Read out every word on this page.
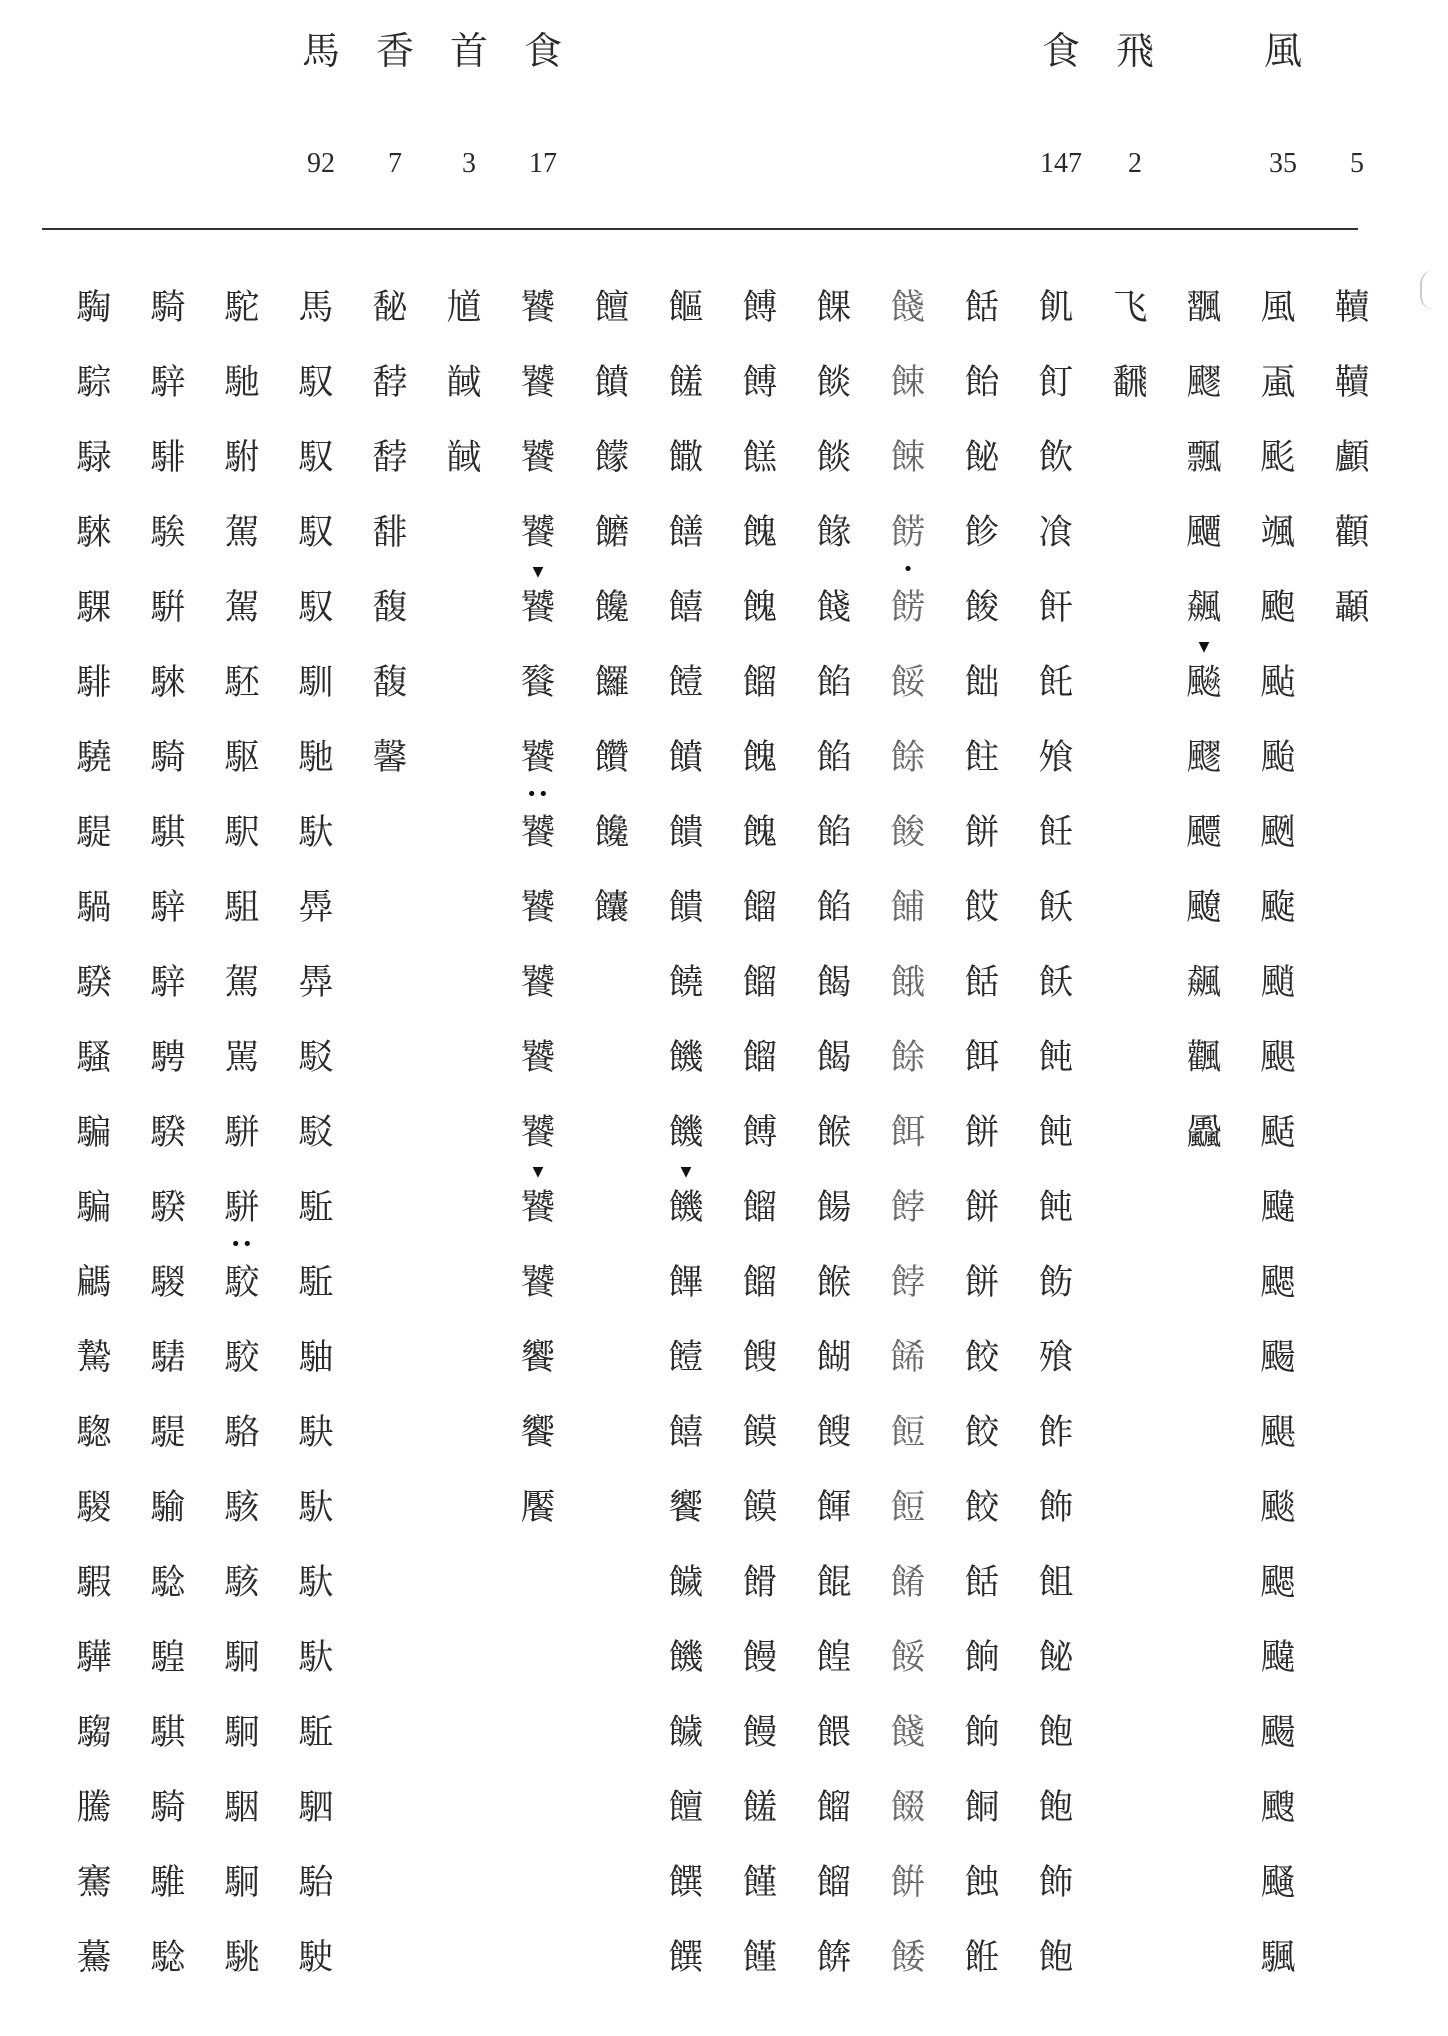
馬
92
香
7
首
3
食
17
食
147
飛
2
風
35	5
騊
騌
騄
騋
騍
騑
驍
騠
騧
騤
騷
騙
騙
騗
騺
騘
騣
騢
驊
騶
騰
騫
驀
騎
騂
騑
騃
騈
騋
騎
騏
騂
騂
騁
騤
騤
騣
騞
騠
騟
騐
騜
騏
騎
騅
騐
駝
馳
駙
駕
駕
駓
駆
駅
駔
駕
駡
駢
駢
•• 駮
駮
駱
駭
駭
駉
駉
駰
駉
駣
馬
馭
馭
馭
馭
馴
馳
馱
馵
馵
駁
駁
駈
駈
駎
駃
馱
馱
馱
駈
駟
駘
駛
馝
馞
馞
馡
馥
馥
馨
馗
馘
馘
饕
饕
饕
饕
▼ 饕
餮
饕
•• 饕
饕
饕
饕
饕
▼ 饕
饕
饗
饗
饜
饘
饙
饛
饝
饞
饠
饡
饞
饢
饇
饈
饊
饍
饎
饐
饙
饋
饋
饒
饑
饑
▼ 饑
饆
饐
饎
饗
饖
饑
饖
饘
饌
饌
餺
餺
餻
餽
餽
餾
餽
餽
餾
餾
餾
餺
餾
餾
餿
饃
饃
餶
饅
饅
饈
饉
饉
餜
餤
餤
餯
餞
餡
餡
餡
餡
餲
餲
餱
餳
餱
餬
餿
餫
餛
餭
餵
餾
餾
餴
餞
餗
餗
餝
• 餝
餒
餘
餕
餔
餓
餘
餌
餑
餑
餙
餖
餖
餚
餒
餞
餟
餠
餧
餂
飴
飶
飻
餕
飿
飳
餅
餀
餂
餌
餅
餅
餅
餃
餃
餃
餂
餉
餉
餇
蝕
餁
飢
飣
飲
飡
飦
飥
飧
飪
飫
飫
飩
飩
飩
飭
飱
飵
飾
飷
飶
飽
飽
飾
飽
飞
飜
飁
飂
飄
飅
飆
▼ 飈
飂
飃
飉
飆
飌
飍
風
颪
颩
颯
颮
颭
颱
颲
颴
颵
颶
颳
颹
颸
颺
颶
颷
颸
颹
颺
颼
颾
颿
韇
韇
顱
顴
顳
